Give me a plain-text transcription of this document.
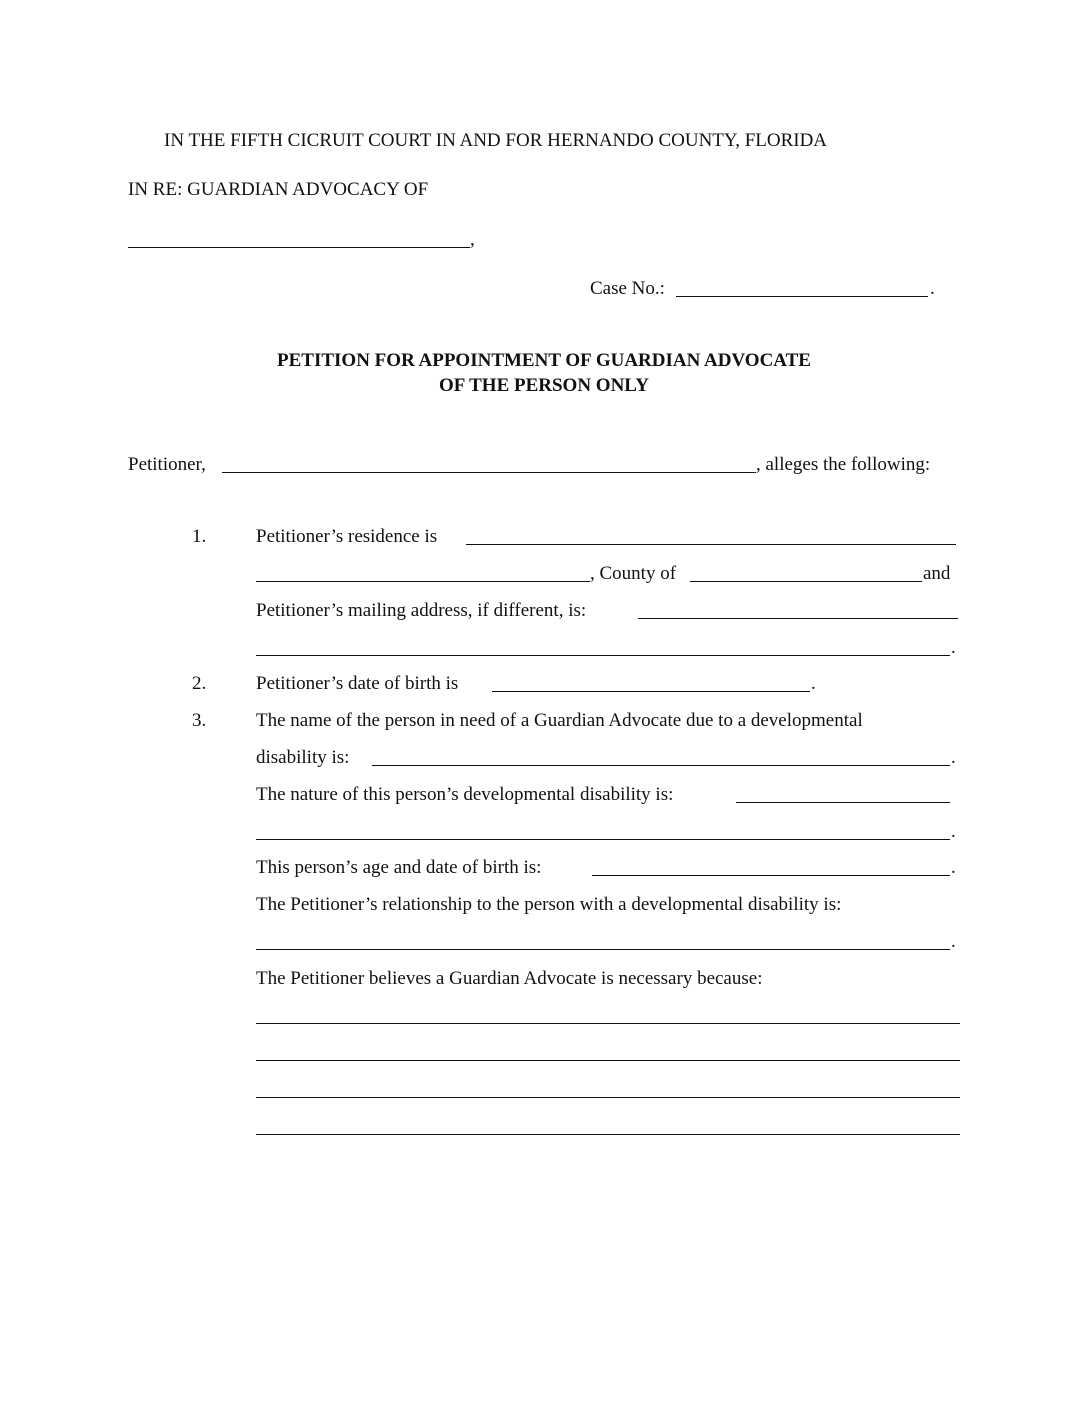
IN THE FIFTH CICRUIT COURT IN AND FOR HERNANDO COUNTY, FLORIDA
IN RE: GUARDIAN ADVOCACY OF
,
Case No.:	.
PETITION FOR APPOINTMENT OF GUARDIAN ADVOCATE
OF THE PERSON ONLY
Petitioner,	, alleges the following:
1.	Petitioner’s residence is
, County of	and
Petitioner’s mailing address, if different, is:
.
2.	Petitioner’s date of birth is	.
3.	The name of the person in need of a Guardian Advocate due to a developmental
disability is:	.
The nature of this person’s developmental disability is:
.
This person’s age and date of birth is:	.
The Petitioner’s relationship to the person with a developmental disability is:
.
The Petitioner believes a Guardian Advocate is necessary because:
